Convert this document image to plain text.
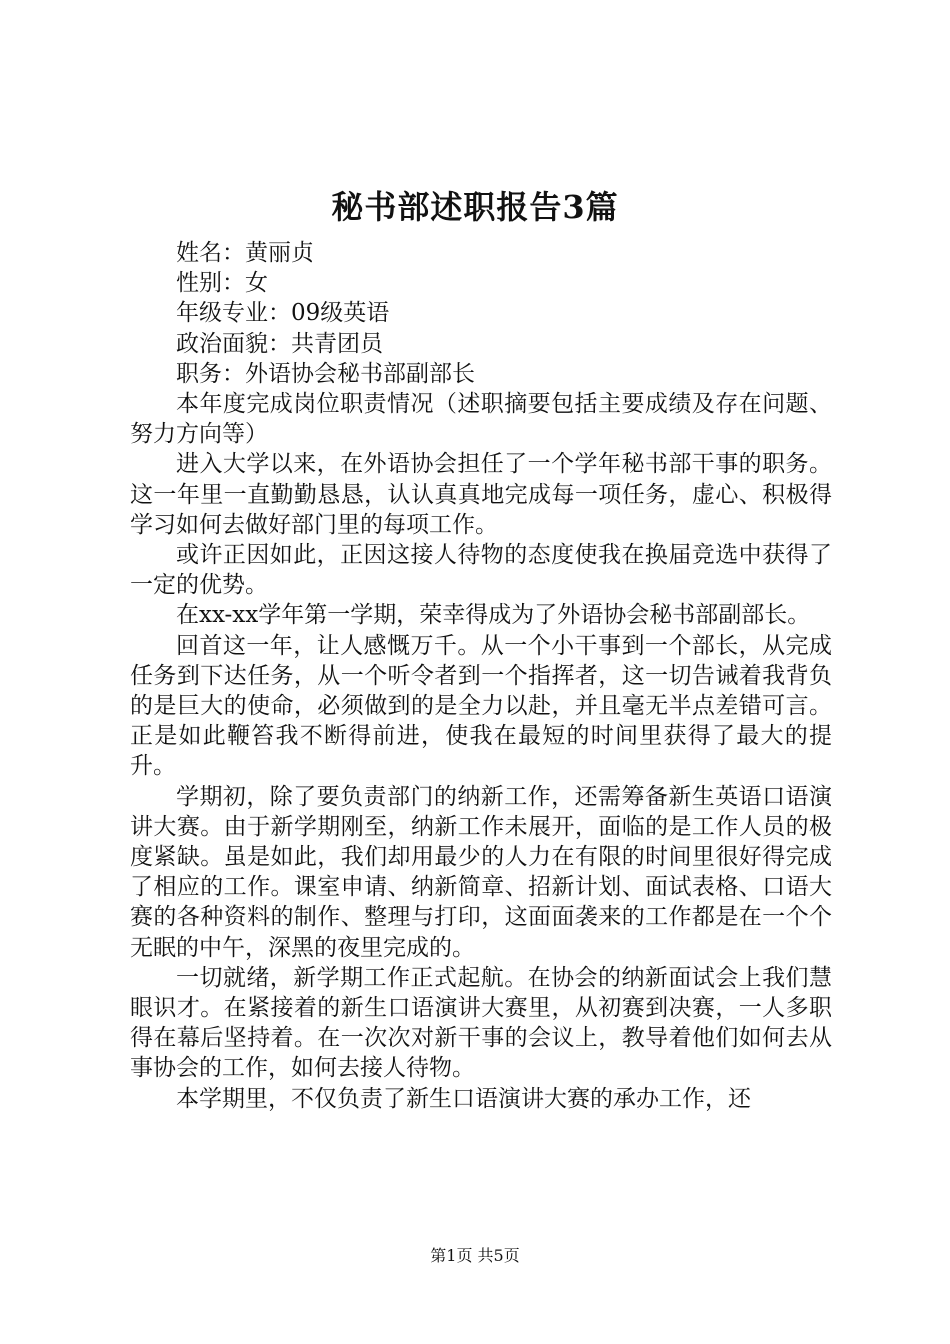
秘书部述职报告3篇

姓名：黄丽贞

性别：女

年级专业：09级英语

政治面貌：共青团员

职务：外语协会秘书部副部长

本年度完成岗位职责情况（述职摘要包括主要成绩及存在问题、努力方向等）

进入大学以来，在外语协会担任了一个学年秘书部干事的职务。这一年里一直勤勤恳恳，认认真真地完成每一项任务，虚心、积极得学习如何去做好部门里的每项工作。

或许正因如此，正因这接人待物的态度使我在换届竞选中获得了一定的优势。

在xx-xx学年第一学期，荣幸得成为了外语协会秘书部副部长。

回首这一年，让人感慨万千。从一个小干事到一个部长，从完成任务到下达任务，从一个听令者到一个指挥者，这一切告诫着我背负的是巨大的使命，必须做到的是全力以赴，并且毫无半点差错可言。正是如此鞭笞我不断得前进，使我在最短的时间里获得了最大的提升。

学期初，除了要负责部门的纳新工作，还需筹备新生英语口语演讲大赛。由于新学期刚至，纳新工作未展开，面临的是工作人员的极度紧缺。虽是如此，我们却用最少的人力在有限的时间里很好得完成了相应的工作。课室申请、纳新简章、招新计划、面试表格、口语大赛的各种资料的制作、整理与打印，这面面袭来的工作都是在一个个无眠的中午，深黑的夜里完成的。

一切就绪，新学期工作正式起航。在协会的纳新面试会上我们慧眼识才。在紧接着的新生口语演讲大赛里，从初赛到决赛，一人多职得在幕后坚持着。在一次次对新干事的会议上，教导着他们如何去从事协会的工作，如何去接人待物。

本学期里，不仅负责了新生口语演讲大赛的承办工作，还

第1页 共5页
